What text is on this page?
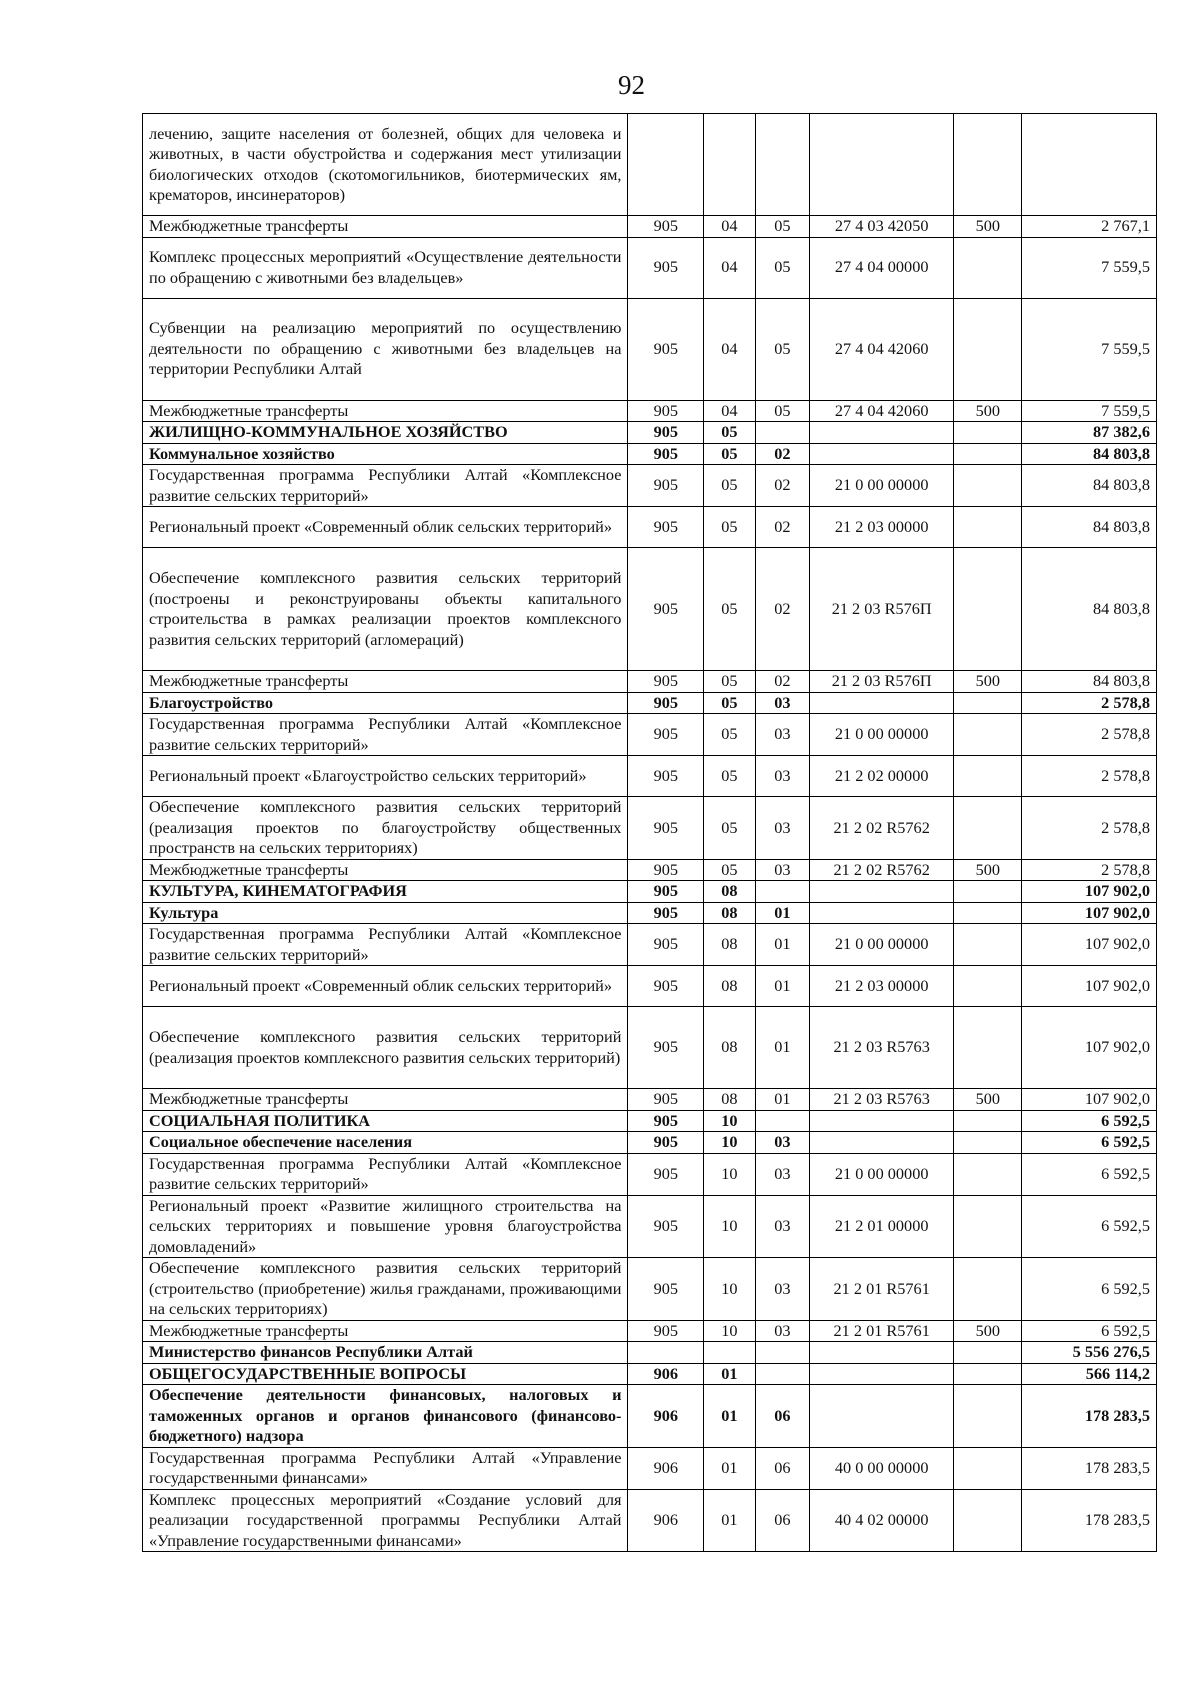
92
лечению, защите населения от болезней, общих для человека и животных, в части обустройства и содержания мест утилизации биологических отходов (скотомогильников, биотермических ям, крематоров, инсинераторов)						
Межбюджетные трансферты	905	04	05	27 4 03 42050	500	2 767,1
Комплекс процессных мероприятий «Осуществление деятельности по обращению с животными без владельцев»	905	04	05	27 4 04 00000		7 559,5
Субвенции на реализацию мероприятий по осуществлению деятельности по обращению с животными без владельцев на территории Республики Алтай	905	04	05	27 4 04 42060		7 559,5
Межбюджетные трансферты	905	04	05	27 4 04 42060	500	7 559,5
ЖИЛИЩНО-КОММУНАЛЬНОЕ ХОЗЯЙСТВО	905	05				87 382,6
Коммунальное хозяйство	905	05	02			84 803,8
Государственная программа Республики Алтай «Комплексное развитие сельских территорий»	905	05	02	21 0 00 00000		84 803,8
Региональный проект «Современный облик сельских территорий»	905	05	02	21 2 03 00000		84 803,8
Обеспечение комплексного развития сельских территорий (построены и реконструированы объекты капитального строительства в рамках реализации проектов комплексного развития сельских территорий (агломераций)	905	05	02	21 2 03 R576П		84 803,8
Межбюджетные трансферты	905	05	02	21 2 03 R576П	500	84 803,8
Благоустройство	905	05	03			2 578,8
Государственная программа Республики Алтай «Комплексное развитие сельских территорий»	905	05	03	21 0 00 00000		2 578,8
Региональный проект «Благоустройство сельских территорий»	905	05	03	21 2 02 00000		2 578,8
Обеспечение комплексного развития сельских территорий (реализация проектов по благоустройству общественных пространств на сельских территориях)	905	05	03	21 2 02 R5762		2 578,8
Межбюджетные трансферты	905	05	03	21 2 02 R5762	500	2 578,8
КУЛЬТУРА, КИНЕМАТОГРАФИЯ	905	08				107 902,0
Культура	905	08	01			107 902,0
Государственная программа Республики Алтай «Комплексное развитие сельских территорий»	905	08	01	21 0 00 00000		107 902,0
Региональный проект «Современный облик сельских территорий»	905	08	01	21 2 03 00000		107 902,0
Обеспечение комплексного развития сельских территорий (реализация проектов комплексного развития сельских территорий)	905	08	01	21 2 03 R5763		107 902,0
Межбюджетные трансферты	905	08	01	21 2 03 R5763	500	107 902,0
СОЦИАЛЬНАЯ ПОЛИТИКА	905	10				6 592,5
Социальное обеспечение населения	905	10	03			6 592,5
Государственная программа Республики Алтай «Комплексное развитие сельских территорий»	905	10	03	21 0 00 00000		6 592,5
Региональный проект «Развитие жилищного строительства на сельских территориях и повышение уровня благоустройства домовладений»	905	10	03	21 2 01 00000		6 592,5
Обеспечение комплексного развития сельских территорий (строительство (приобретение) жилья гражданами, проживающими на сельских территориях)	905	10	03	21 2 01 R5761		6 592,5
Межбюджетные трансферты	905	10	03	21 2 01 R5761	500	6 592,5
Министерство финансов Республики Алтай						5 556 276,5
ОБЩЕГОСУДАРСТВЕННЫЕ ВОПРОСЫ	906	01				566 114,2
Обеспечение деятельности финансовых, налоговых и таможенных органов и органов финансового (финансово-бюджетного) надзора	906	01	06			178 283,5
Государственная программа Республики Алтай «Управление государственными финансами»	906	01	06	40 0 00 00000		178 283,5
Комплекс процессных мероприятий «Создание условий для реализации государственной программы Республики Алтай «Управление государственными финансами»	906	01	06	40 4 02 00000		178 283,5
